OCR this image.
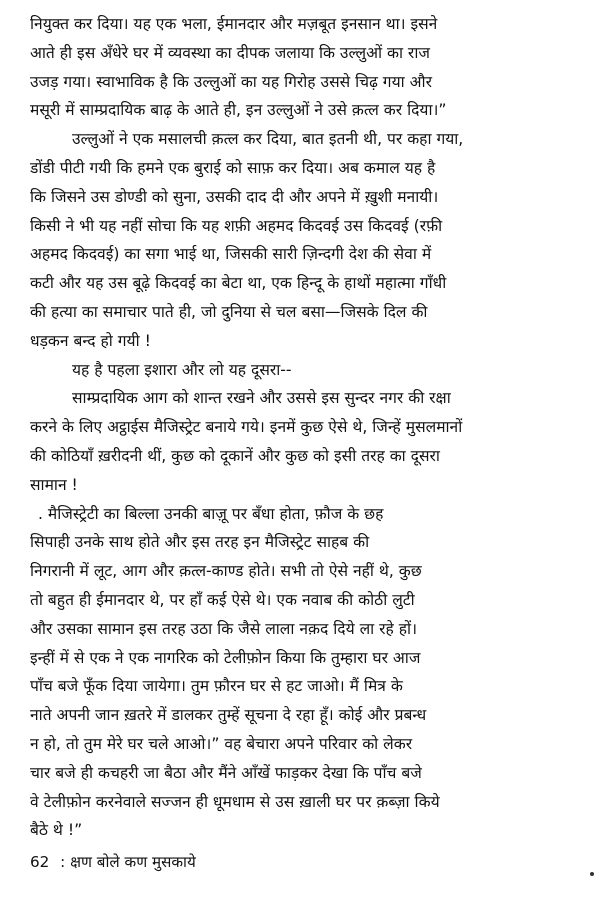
नियुक्त कर दिया। यह एक भला, ईमानदार और मज़बूत इनसान था। इसने
आते ही इस अँधेरे घर में व्यवस्था का दीपक जलाया कि उल्लुओं का राज
उजड़ गया। स्वाभाविक है कि उल्लुओं का यह गिरोह उससे चिढ़ गया और
मसूरी में साम्प्रदायिक बाढ़ के आते ही, इन उल्लुओं ने उसे क़त्ल कर दिया।”
उल्लुओं ने एक मसालची क़त्ल कर दिया, बात इतनी थी, पर कहा गया,
डोंडी पीटी गयी कि हमने एक बुराई को साफ़ कर दिया। अब कमाल यह है
कि जिसने उस डोण्डी को सुना, उसकी दाद दी और अपने में ख़ुशी मनायी।
किसी ने भी यह नहीं सोचा कि यह शफ़ी अहमद किदवई उस किदवई (रफ़ी
अहमद किदवई) का सगा भाई था, जिसकी सारी ज़िन्दगी देश की सेवा में
कटी और यह उस बूढ़े किदवई का बेटा था, एक हिन्दू के हाथों महात्मा गाँधी
की हत्या का समाचार पाते ही, जो दुनिया से चल बसा—जिसके दिल की
धड़कन बन्द हो गयी !
यह है पहला इशारा और लो यह दूसरा--
साम्प्रदायिक आग को शान्त रखने और उससे इस सुन्दर नगर की रक्षा
करने के लिए अट्ठाईस मैजिस्ट्रेट बनाये गये। इनमें कुछ ऐसे थे, जिन्हें मुसलमानों
की कोठियाँ ख़रीदनी थीं, कुछ को दूकानें और कुछ को इसी तरह का दूसरा
सामान !
. मैजिस्ट्रेटी का बिल्ला उनकी बाज़ू पर बँधा होता, फ़ौज के छह
सिपाही उनके साथ होते और इस तरह इन मैजिस्ट्रेट साहब की
निगरानी में लूट, आग और क़त्ल-काण्ड होते। सभी तो ऐसे नहीं थे, कुछ
तो बहुत ही ईमानदार थे, पर हाँ कई ऐसे थे। एक नवाब की कोठी लुटी
और उसका सामान इस तरह उठा कि जैसे लाला नक़द दिये ला रहे हों।
इन्हीं में से एक ने एक नागरिक को टेलीफ़ोन किया कि तुम्हारा घर आज
पाँच बजे फूँक दिया जायेगा। तुम फ़ौरन घर से हट जाओ। मैं मित्र के
नाते अपनी जान ख़तरे में डालकर तुम्हें सूचना दे रहा हूँ। कोई और प्रबन्ध
न हो, तो तुम मेरे घर चले आओ।” वह बेचारा अपने परिवार को लेकर
चार बजे ही कचहरी जा बैठा और मैंने आँखें फाड़कर देखा कि पाँच बजे
वे टेलीफ़ोन करनेवाले सज्जन ही धूमधाम से उस ख़ाली घर पर क़ब्ज़ा किये
बैठे थे !”
62 : क्षण बोले कण मुसकाये
